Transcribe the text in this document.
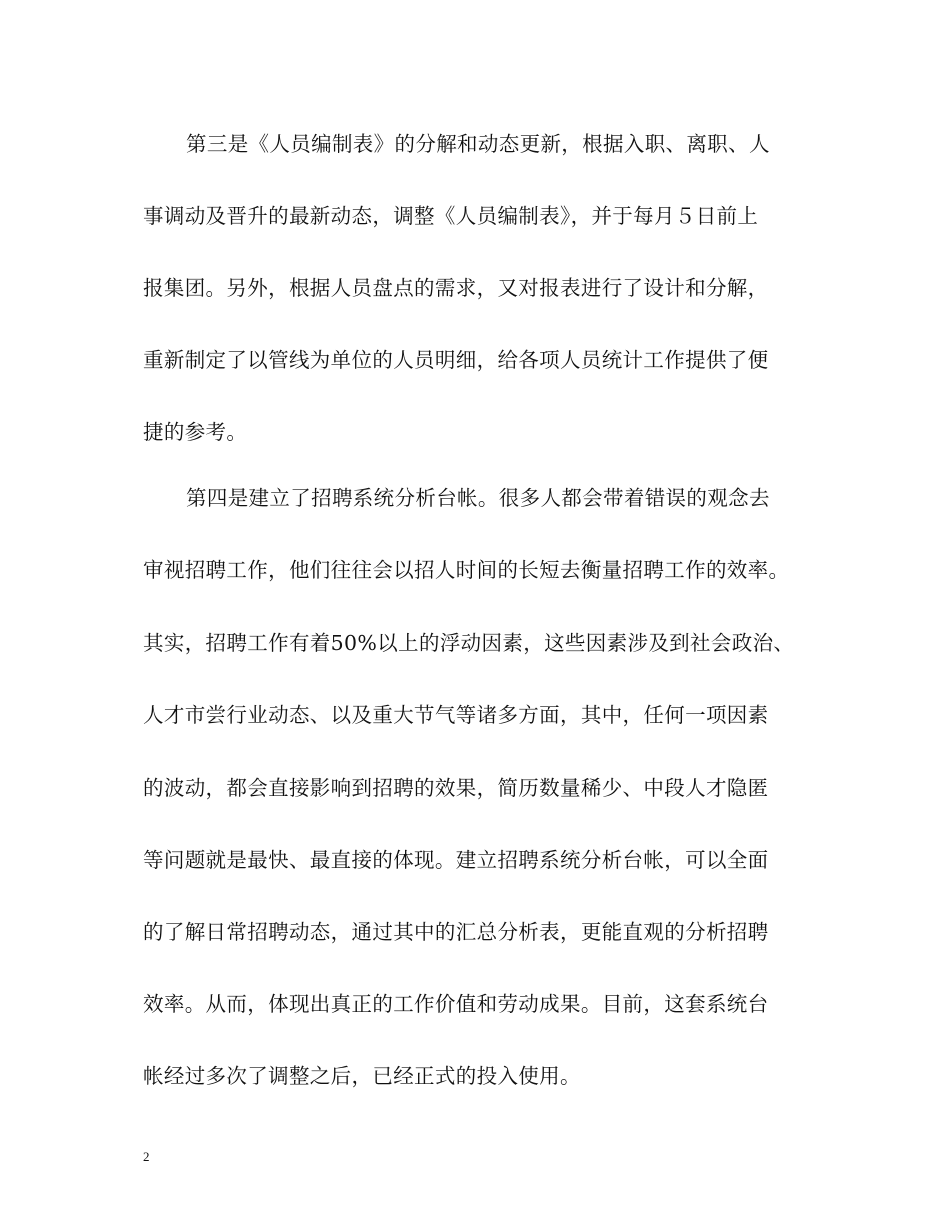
第三是《人员编制表》的分解和动态更新，根据入职、离职、人
事调动及晋升的最新动态，调整《人员编制表》，并于每月５日前上
报集团。另外，根据人员盘点的需求，又对报表进行了设计和分解，
重新制定了以管线为单位的人员明细，给各项人员统计工作提供了便
捷的参考。
第四是建立了招聘系统分析台帐。很多人都会带着错误的观念去
审视招聘工作，他们往往会以招人时间的长短去衡量招聘工作的效率。
其实，招聘工作有着50%以上的浮动因素，这些因素涉及到社会政治、
人才市尝行业动态、以及重大节气等诸多方面，其中，任何一项因素
的波动，都会直接影响到招聘的效果，简历数量稀少、中段人才隐匿
等问题就是最快、最直接的体现。建立招聘系统分析台帐，可以全面
的了解日常招聘动态，通过其中的汇总分析表，更能直观的分析招聘
效率。从而，体现出真正的工作价值和劳动成果。目前，这套系统台
帐经过多次了调整之后，已经正式的投入使用。
2
